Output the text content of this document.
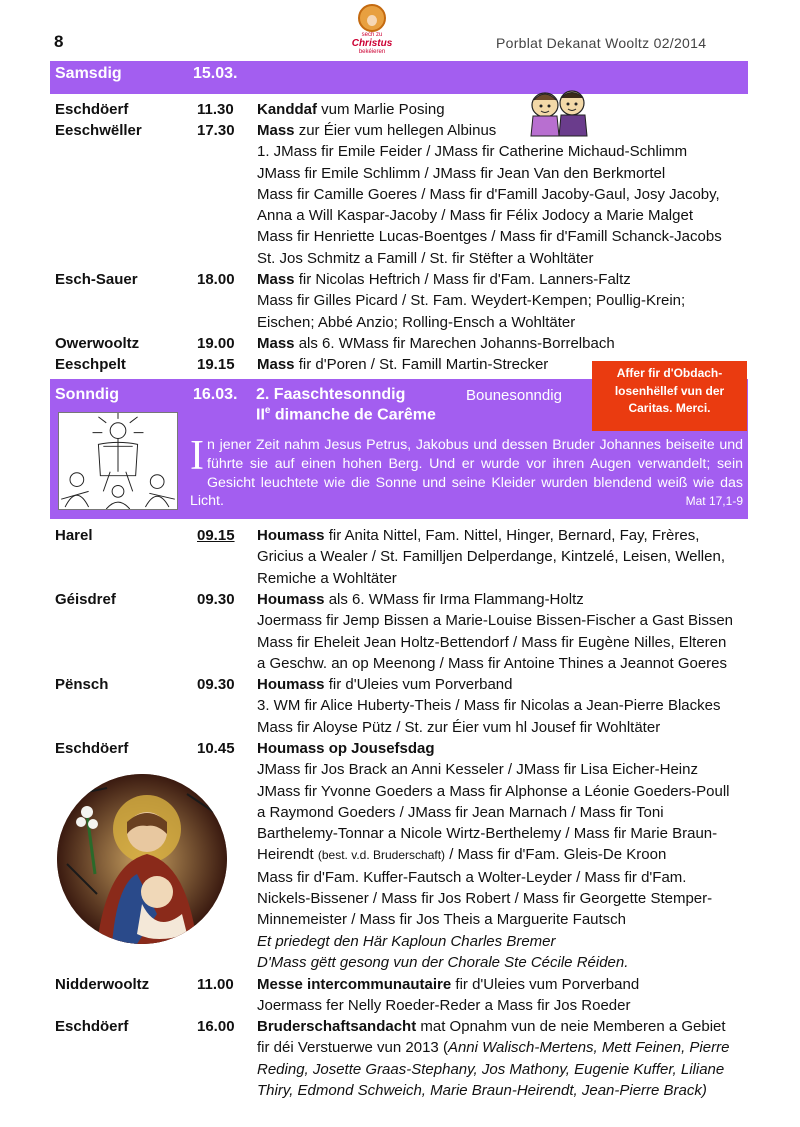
8	sech zu
Christus
bekéieren
Porblat Dekanat Wooltz 02/2014
Samsdig	15.03.
Eschdöerf	11.30 Kanddaf vum Marlie Posing
Eeschwëller	17.30 Mass zur Éier vum hellegen Albinus
1. JMass fir Emile Feider / JMass fir Catherine Michaud-Schlimm
JMass fir Emile Schlimm / JMass fir Jean Van den Berkmortel
Mass fir Camille Goeres / Mass fir d'Famill Jacoby-Gaul, Josy Jacoby,
Anna a Will Kaspar-Jacoby / Mass fir Félix Jodocy a Marie Malget
Mass fir Henriette Lucas-Boentges / Mass fir d'Famill Schanck-Jacobs
St. Jos Schmitz a Famill / St. fir Stëfter a Wohltäter
Esch-Sauer	18.00 Mass fir Nicolas Heftrich / Mass fir d'Fam. Lanners-Faltz
Mass fir Gilles Picard / St. Fam. Weydert-Kempen; Poullig-Krein;
Eischen; Abbé Anzio; Rolling-Ensch a Wohltäter
Owerwooltz	19.00 Mass als 6. WMass fir Marechen Johanns-Borrelbach
Eeschpelt	19.15 Mass fir d'Poren / St. Famill Martin-Strecker
Sonndig	16.03. 2. Faaschtesonndig	Bounesonndig
IIe dimanche de Carême
In jener Zeit nahm Jesus Petrus, Jakobus und dessen Bruder Johannes beiseite und führte sie auf einen hohen Berg. Und er wurde vor ihren Augen verwandelt; sein Gesicht leuchtete wie die Sonne und seine Kleider wurden blendend weiß wie das Licht.	Mat 17,1-9
Affer fir d'Obdach-
losenhëllef vun der
Caritas. Merci.
Harel	09.15 Houmass fir Anita Nittel, Fam. Nittel, Hinger, Bernard, Fay, Frères,
Gricius a Wealer / St. Familljen Delperdange, Kintzelé, Leisen, Wellen,
Remiche a Wohltäter
Géisdref	09.30 Houmass als 6. WMass fir Irma Flammang-Holtz
Joermass fir Jemp Bissen a Marie-Louise Bissen-Fischer a Gast Bissen
Mass fir Eheleit Jean Holtz-Bettendorf / Mass fir Eugène Nilles, Elteren
a Geschw. an op Meenong / Mass fir Antoine Thines a Jeannot Goeres
Pënsch	09.30 Houmass fir d'Uleies vum Porverband
3. WM fir Alice Huberty-Theis / Mass fir Nicolas a Jean-Pierre Blackes
Mass fir Aloyse Pütz / St. zur Éier vum hl Jousef fir Wohltäter
Eschdöerf	10.45 Houmass op Jousefsdag
JMass fir Jos Brack an Anni Kesseler / JMass fir Lisa Eicher-Heinz
JMass fir Yvonne Goeders a Mass fir Alphonse a Léonie Goeders-Poull
a Raymond Goeders / JMass fir Jean Marnach / Mass fir Toni
Barthelemy-Tonnar a Nicole Wirtz-Berthelemy / Mass fir Marie Braun-
Heirendt (best. v.d. Bruderschaft) / Mass fir d'Fam. Gleis-De Kroon
Mass fir d'Fam. Kuffer-Fautsch a Wolter-Leyder / Mass fir d'Fam.
Nickels-Bissener / Mass fir Jos Robert / Mass fir Georgette Stemper-
Minnemeister / Mass fir Jos Theis a Marguerite Fautsch
Et priedegt den Här Kaploun Charles Bremer
D'Mass gëtt gesong vun der Chorale Ste Cécile Réiden.
Nidderwooltz	11.00 Messe intercommunautaire fir d'Uleies vum Porverband
Joermass fer Nelly Roeder-Reder a Mass fir Jos Roeder
Eschdöerf	16.00 Bruderschaftsandacht mat Opnahm vun de neie Memberen a Gebiet
fir déi Verstuerwe vun 2013 (Anni Walisch-Mertens, Mett Feinen, Pierre
Reding, Josette Graas-Stephany, Jos Mathony, Eugenie Kuffer, Liliane
Thiry, Edmond Schweich, Marie Braun-Heirendt, Jean-Pierre Brack)
